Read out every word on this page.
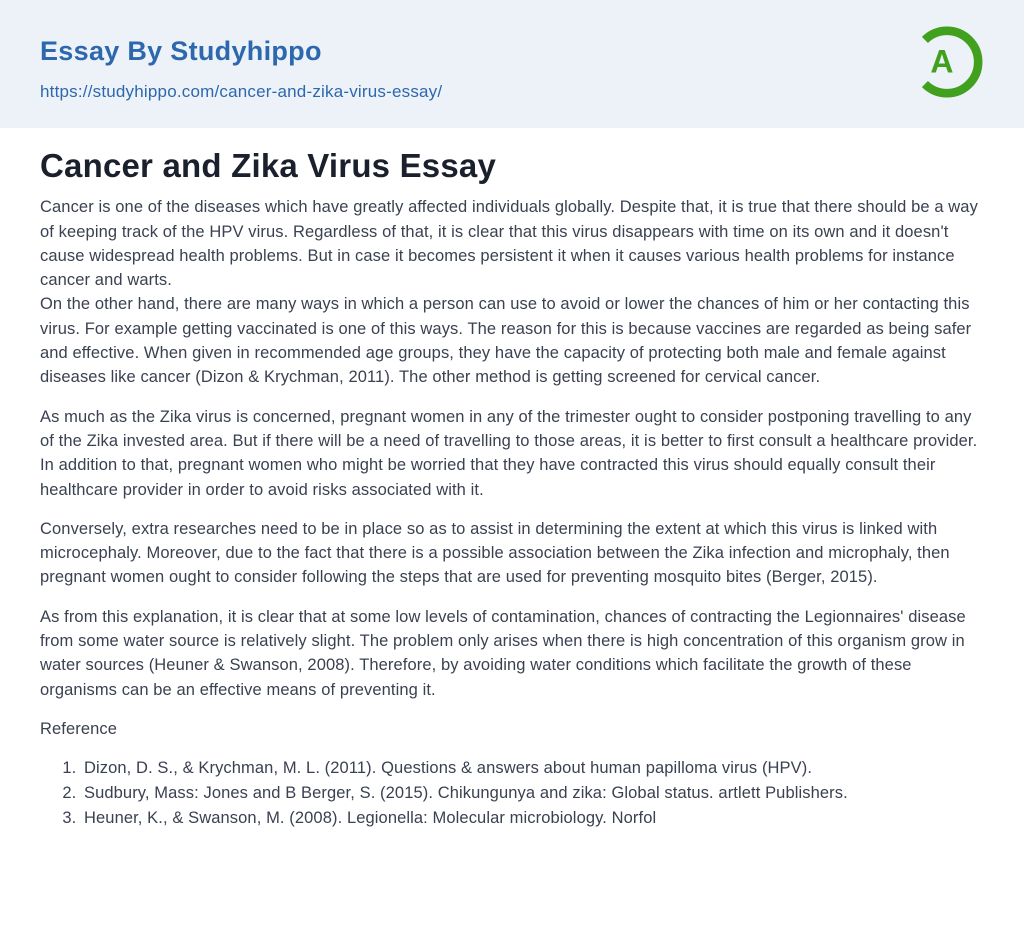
Essay By Studyhippo
https://studyhippo.com/cancer-and-zika-virus-essay/
A
Cancer and Zika Virus Essay

Cancer is one of the diseases which have greatly affected individuals globally. Despite that, it is true that there should be a way of keeping track of the HPV virus. Regardless of that, it is clear that this virus disappears with time on its own and it doesn't cause widespread health problems. But in case it becomes persistent it when it causes various health problems for instance cancer and warts.

On the other hand, there are many ways in which a person can use to avoid or lower the chances of him or her contacting this virus. For example getting vaccinated is one of this ways. The reason for this is because vaccines are regarded as being safer and effective. When given in recommended age groups, they have the capacity of protecting both male and female against diseases like cancer (Dizon & Krychman, 2011). The other method is getting screened for cervical cancer.

As much as the Zika virus is concerned, pregnant women in any of the trimester ought to consider postponing travelling to any of the Zika invested area. But if there will be a need of travelling to those areas, it is better to first consult a healthcare provider. In addition to that, pregnant women who might be worried that they have contracted this virus should equally consult their healthcare provider in order to avoid risks associated with it.

Conversely, extra researches need to be in place so as to assist in determining the extent at which this virus is linked with microcephaly. Moreover, due to the fact that there is a possible association between the Zika infection and microphaly, then pregnant women ought to consider following the steps that are used for preventing mosquito bites (Berger, 2015).

As from this explanation, it is clear that at some low levels of contamination, chances of contracting the Legionnaires' disease from some water source is relatively slight. The problem only arises when there is high concentration of this organism grow in water sources (Heuner & Swanson, 2008). Therefore, by avoiding water conditions which facilitate the growth of these organisms can be an effective means of preventing it.

Reference

1. Dizon, D. S., & Krychman, M. L. (2011). Questions & answers about human papilloma virus (HPV).
2. Sudbury, Mass: Jones and B Berger, S. (2015). Chikungunya and zika: Global status. artlett Publishers.
3. Heuner, K., & Swanson, M. (2008). Legionella: Molecular microbiology. Norfol
